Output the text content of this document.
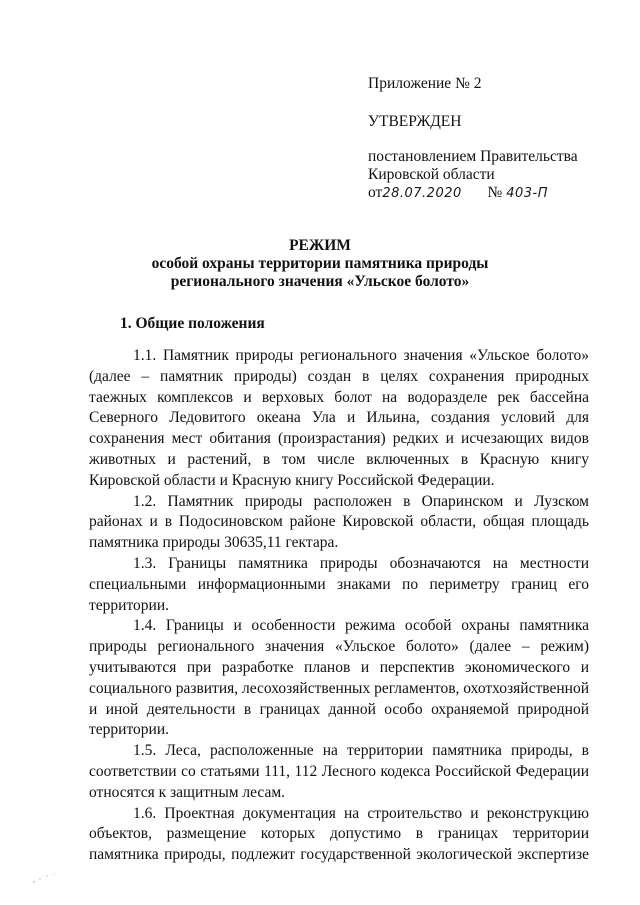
Приложение № 2
УТВЕРЖДЕН
постановлением Правительства
Кировской области
от28.07.2020 № 403-П
РЕЖИМ
особой охраны территории памятника природы
регионального значения «Ульское болото»
1. Общие положения

1.1. Памятник природы регионального значения «Ульское болото» (далее – памятник природы) создан в целях сохранения природных таежных комплексов и верховых болот на водоразделе рек бассейна Северного Ледовитого океана Ула и Ильина, создания условий для сохранения мест обитания (произрастания) редких и исчезающих видов животных и растений, в том числе включенных в Красную книгу Кировской области и Красную книгу Российской Федерации.

1.2. Памятник природы расположен в Опаринском и Лузском районах и в Подосиновском районе Кировской области, общая площадь памятника природы 30635,11 гектара.

1.3. Границы памятника природы обозначаются на местности специальными информационными знаками по периметру границ его территории.

1.4. Границы и особенности режима особой охраны памятника природы регионального значения «Ульское болото» (далее – режим) учитываются при разработке планов и перспектив экономического и социального развития, лесохозяйственных регламентов, охотхозяйственной и иной деятельности в границах данной особо охраняемой природной территории.

1.5. Леса, расположенные на территории памятника природы, в соответствии со статьями 111, 112 Лесного кодекса Российской Федерации относятся к защитным лесам.

1.6. Проектная документация на строительство и реконструкцию объектов, размещение которых допустимо в границах территории памятника природы, подлежит государственной экологической экспертизе
